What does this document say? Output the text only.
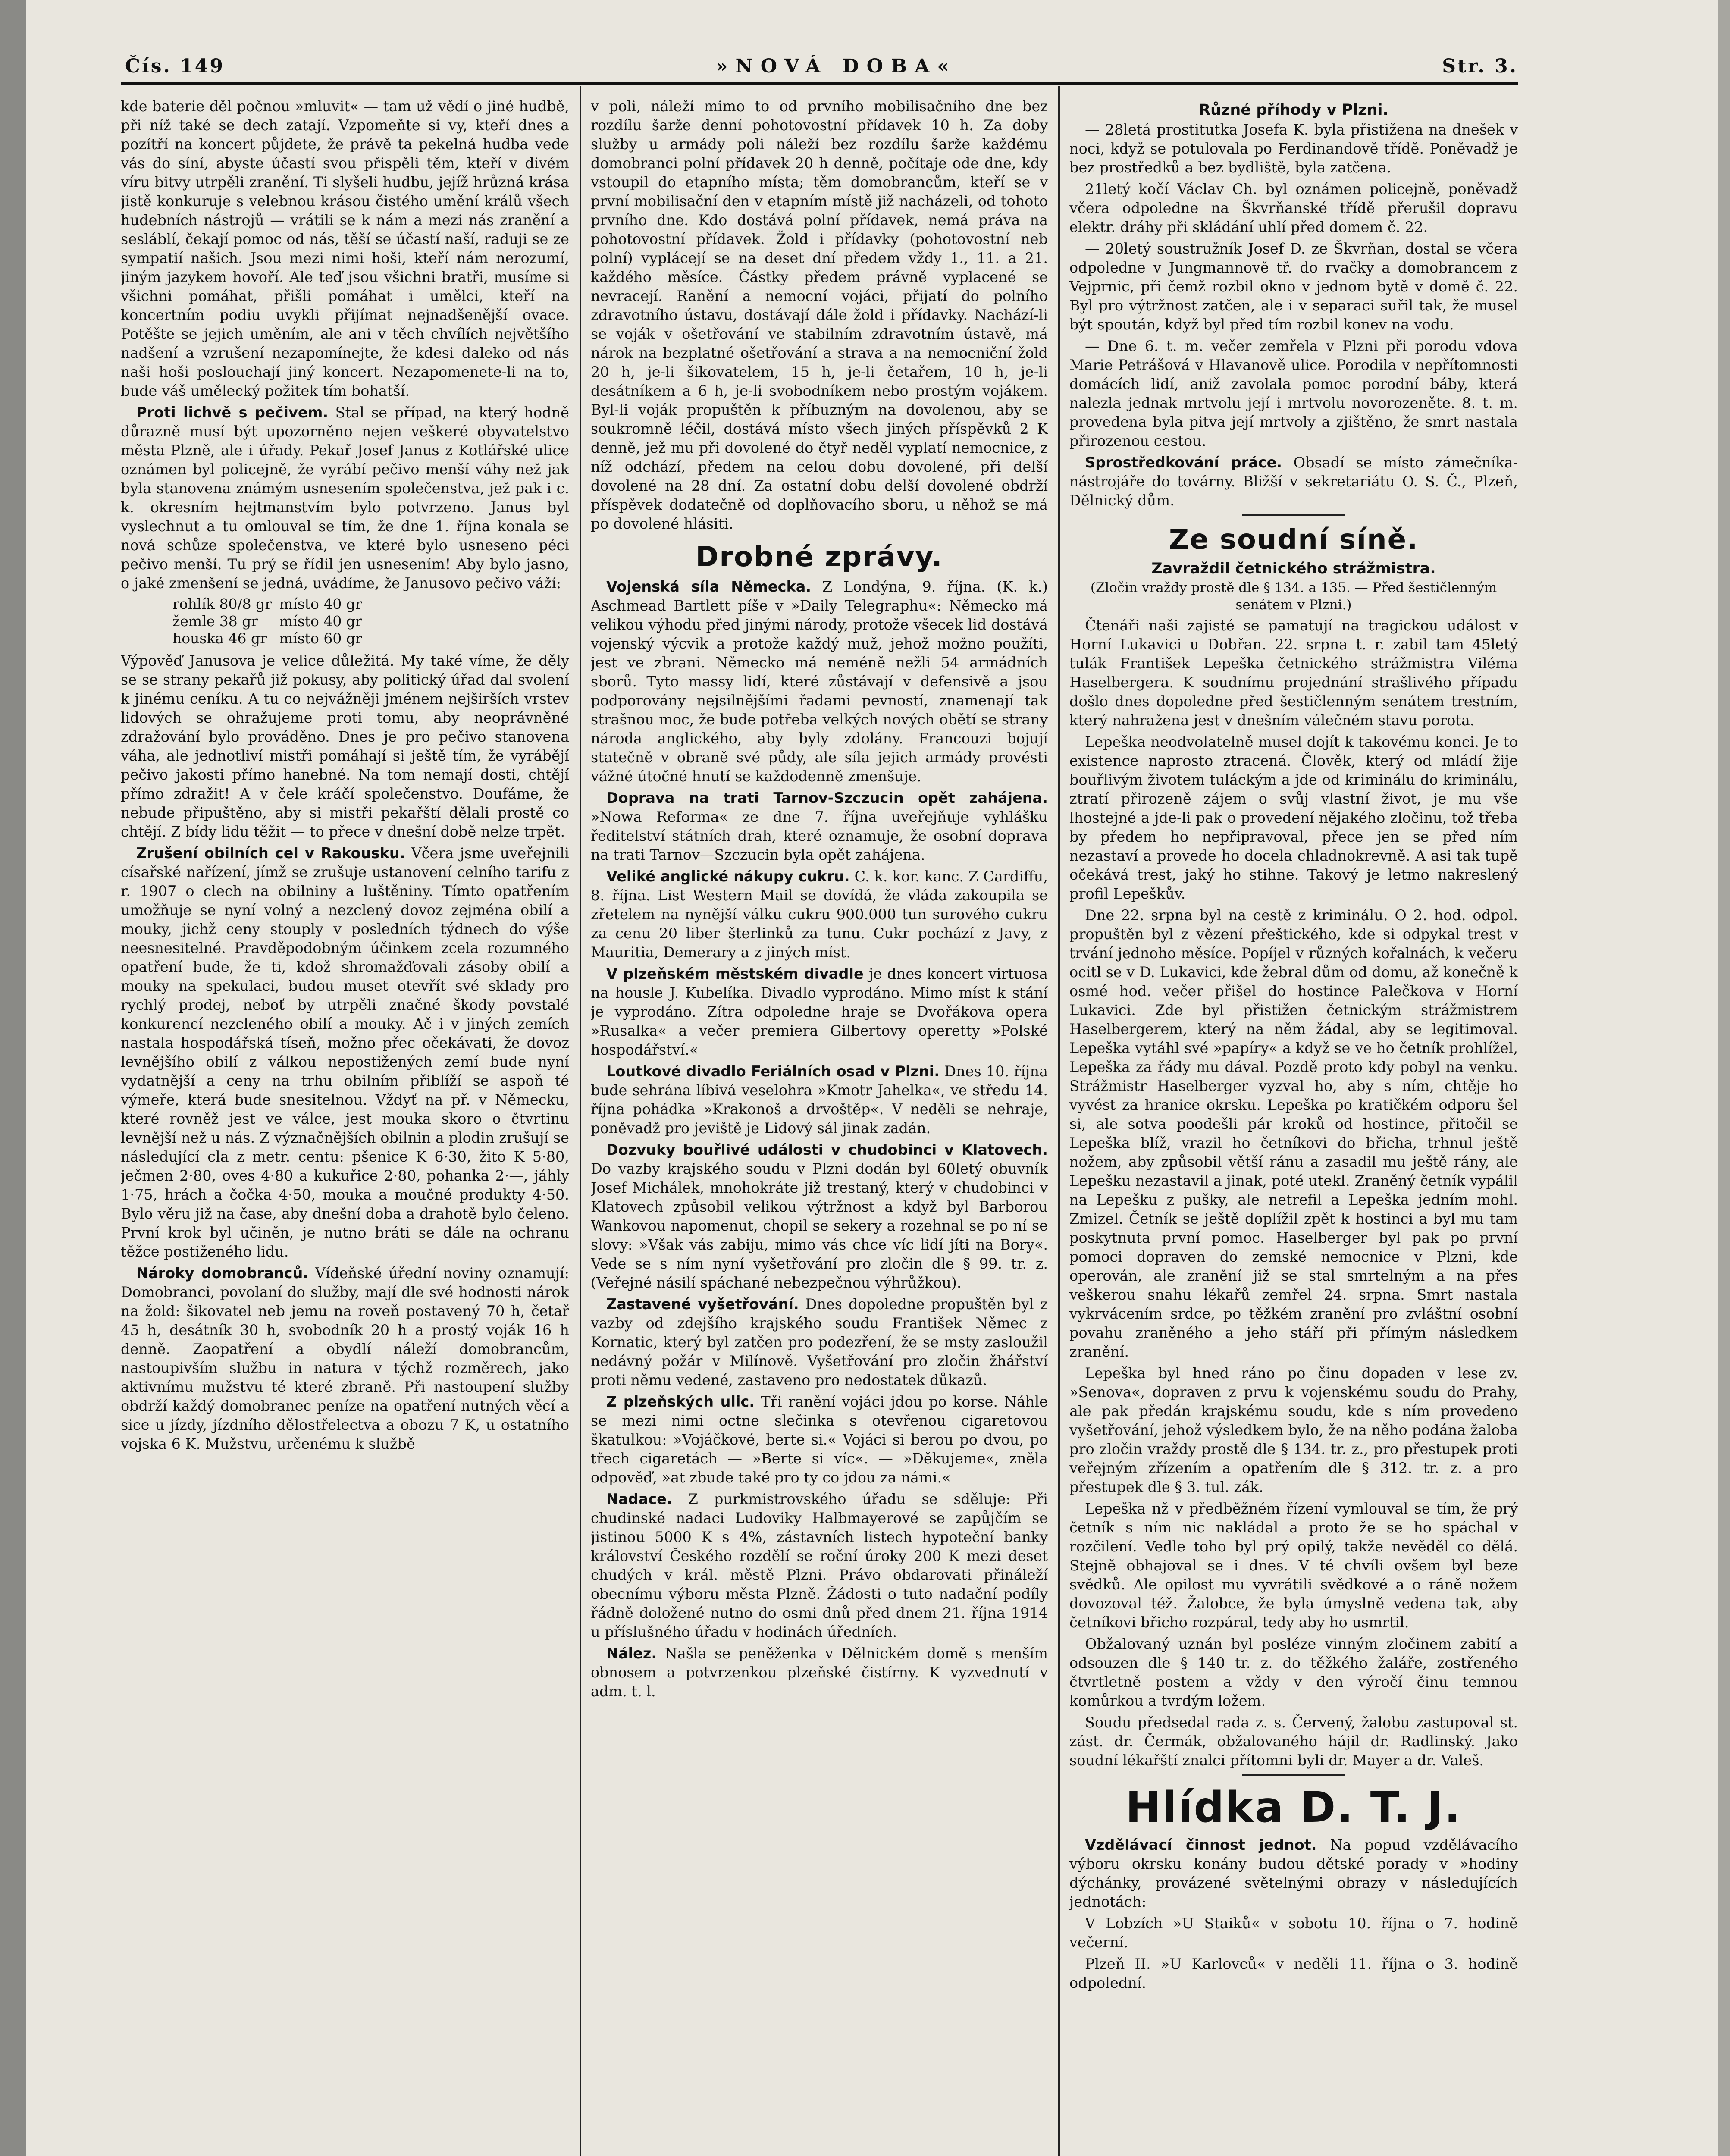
Čís. 149	»NOVÁ DOBA«	Str. 3.

kde baterie děl počnou »mluvit« — tam už vědí o jiné hudbě, při níž také se dech zatají. Vzpomeňte si vy, kteří dnes a pozítří na koncert půjdete, že právě ta pekelná hudba vede vás do síní, abyste účastí svou přispěli těm, kteří v divém víru bitvy utrpěli zranění. Ti slyšeli hudbu, jejíž hrůzná krása jistě konkuruje s velebnou krásou čistého umění králů všech hudebních nástrojů — vrátili se k nám a mezi nás zranění a sesláblí, čekají pomoc od nás, těší se účastí naší, raduji se ze sympatií našich. Jsou mezi nimi hoši, kteří nám nerozumí, jiným jazykem hovoří. Ale teď jsou všichni bratři, musíme si všichni pomáhat, přišli pomáhat i umělci, kteří na koncertním podiu uvykli přijímat nejnadšenější ovace. Potěšte se jejich uměním, ale ani v těch chvílích největšího nadšení a vzrušení nezapomínejte, že kdesi daleko od nás naši hoši poslouchají jiný koncert. Nezapomenete-li na to, bude váš umělecký požitek tím bohatší.

Proti lichvě s pečivem. Stal se případ, na který hodně důrazně musí být upozorněno nejen veškeré obyvatelstvo města Plzně, ale i úřady. Pekař Josef Janus z Kotlářské ulice oznámen byl policejně, že vyrábí pečivo menší váhy než jak byla stanovena známým usnesením společenstva, jež pak i c. k. okresním hejtmanstvím bylo potvrzeno. Janus byl vyslechnut a tu omlouval se tím, že dne 1. října konala se nová schůze společenstva, ve které bylo usneseno péci pečivo menší. Tu prý se řídil jen usnesením! Aby bylo jasno, o jaké zmenšení se jedná, uvádíme, že Janusovo pečivo váží:

rohlík 80/8 gr	místo 40 gr
žemle 38 gr	místo 40 gr
houska 46 gr	místo 60 gr

Výpověď Janusova je velice důležitá. My také víme, že děly se se strany pekařů již pokusy, aby politický úřad dal svolení k jinému ceníku. A tu co nejvážněji jménem nejširších vrstev lidových se ohražujeme proti tomu, aby neoprávněné zdražování bylo prováděno. Dnes je pro pečivo stanovena váha, ale jednotliví mistři pomáhají si ještě tím, že vyrábějí pečivo jakosti přímo hanebné. Na tom nemají dosti, chtějí přímo zdražit! A v čele kráčí společenstvo. Doufáme, že nebude připuštěno, aby si mistři pekařští dělali prostě co chtějí. Z bídy lidu těžit — to přece v dnešní době nelze trpět.

Zrušení obilních cel v Rakousku. Včera jsme uveřejnili císařské nařízení, jímž se zrušuje ustanovení celního tarifu z r. 1907 o clech na obilniny a luštěniny. Tímto opatřením umožňuje se nyní volný a nezclený dovoz zejména obilí a mouky, jichž ceny stouply v posledních týdnech do výše neesnesitelné. Pravděpodobným účinkem zcela rozumného opatření bude, že ti, kdož shromažďovali zásoby obilí a mouky na spekulaci, budou muset otevřít své sklady pro rychlý prodej, neboť by utrpěli značné škody povstalé konkurencí nezcleného obilí a mouky. Ač i v jiných zemích nastala hospodářská tíseň, možno přec očekávati, že dovoz levnějšího obilí z válkou nepostižených zemí bude nyní vydatnější a ceny na trhu obilním přiblíží se aspoň té výmeře, která bude snesitelnou. Vždyť na př. v Německu, které rovněž jest ve válce, jest mouka skoro o čtvrtinu levnější než u nás. Z význačnějších obilnin a plodin zrušují se následující cla z metr. centu: pšenice K 6·30, žito K 5·80, ječmen 2·80, oves 4·80 a kukuřice 2·80, pohanka 2·—, jáhly 1·75, hrách a čočka 4·50, mouka a moučné produkty 4·50. Bylo věru již na čase, aby dnešní doba a drahotě bylo čeleno. První krok byl učiněn, je nutno bráti se dále na ochranu těžce postiženého lidu.

Nároky domobranců. Vídeňské úřední noviny oznamují: Domobranci, povolaní do služby, mají dle své hodnosti nárok na žold: šikovatel neb jemu na roveň postavený 70 h, četař 45 h, desátník 30 h, svobodník 20 h a prostý voják 16 h denně. Zaopatření a obydlí náleží domobrancům, nastoupivším službu in natura v týchž rozměrech, jako aktivnímu mužstvu té které zbraně. Při nastoupení služby obdrží každý domobranec peníze na opatření nutných věcí a sice u jízdy, jízdního dělostřelectva a obozu 7 K, u ostatního vojska 6 K. Mužstvu, určenému k službě

v poli, náleží mimo to od prvního mobilisačního dne bez rozdílu šarže denní pohotovostní přídavek 10 h. Za doby služby u armády poli náleží bez rozdílu šarže každému domobranci polní přídavek 20 h denně, počítaje ode dne, kdy vstoupil do etapního místa; těm domobrancům, kteří se v první mobilisační den v etapním místě již nacházeli, od tohoto prvního dne. Kdo dostává polní přídavek, nemá práva na pohotovostní přídavek. Žold i přídavky (pohotovostní neb polní) vyplácejí se na deset dní předem vždy 1., 11. a 21. každého měsíce. Částky předem právně vyplacené se nevracejí. Ranění a nemocní vojáci, přijatí do polního zdravotního ústavu, dostávají dále žold i přídavky. Nachází-li se voják v ošetřování ve stabilním zdravotním ústavě, má nárok na bezplatné ošetřování a strava a na nemocniční žold 20 h, je-li šikovatelem, 15 h, je-li četařem, 10 h, je-li desátníkem a 6 h, je-li svobodníkem nebo prostým vojákem. Byl-li voják propuštěn k příbuzným na dovolenou, aby se soukromně léčil, dostává místo všech jiných příspěvků 2 K denně, jež mu při dovolené do čtyř neděl vyplatí nemocnice, z níž odchází, předem na celou dobu dovolené, při delší dovolené na 28 dní. Za ostatní dobu delší dovolené obdrží příspěvek dodatečně od doplňovacího sboru, u něhož se má po dovolené hlásiti.

Drobné zprávy.

Vojenská síla Německa. Z Londýna, 9. října. (K. k.) Aschmead Bartlett píše v »Daily Telegraphu«: Německo má velikou výhodu před jinými národy, protože všecek lid dostává vojenský výcvik a protože každý muž, jehož možno použíti, jest ve zbrani. Německo má neméně nežli 54 armádních sborů. Tyto massy lidí, které zůstávají v defensivě a jsou podporovány nejsilnějšími řadami pevností, znamenají tak strašnou moc, že bude potřeba velkých nových obětí se strany národa anglického, aby byly zdolány. Francouzi bojují statečně v obraně své půdy, ale síla jejich armády provésti vážné útočné hnutí se každodenně zmenšuje.

Doprava na trati Tarnov-Szczucin opět zahájena. »Nowa Reforma« ze dne 7. října uveřejňuje vyhlášku ředitelství státních drah, které oznamuje, že osobní doprava na trati Tarnov—Szczucin byla opět zahájena.

Veliké anglické nákupy cukru. C. k. kor. kanc. Z Cardiffu, 8. října. List Western Mail se dovídá, že vláda zakoupila se zřetelem na nynější válku cukru 900.000 tun surového cukru za cenu 20 liber šterlinků za tunu. Cukr pochází z Javy, z Mauritia, Demerary a z jiných míst.

V plzeňském městském divadle je dnes koncert virtuosa na housle J. Kubelíka. Divadlo vyprodáno. Mimo míst k stání je vyprodáno. Zítra odpoledne hraje se Dvořákova opera »Rusalka« a večer premiera Gilbertovy operetty »Polské hospodářství.«

Loutkové divadlo Feriálních osad v Plzni. Dnes 10. října bude sehrána líbivá veselohra »Kmotr Jahelka«, ve středu 14. října pohádka »Krakonoš a drvoštěp«. V neděli se nehraje, poněvadž pro jeviště je Lidový sál jinak zadán.

Dozvuky bouřlivé události v chudobinci v Klatovech. Do vazby krajského soudu v Plzni dodán byl 60letý obuvník Josef Michálek, mnohokráte již trestaný, který v chudobinci v Klatovech způsobil velikou výtržnost a když byl Barborou Wankovou napomenut, chopil se sekery a rozehnal se po ní se slovy: »Však vás zabiju, mimo vás chce víc lidí jíti na Bory«. Vede se s ním nyní vyšetřování pro zločin dle § 99. tr. z. (Veřejné násilí spáchané nebezpečnou výhrůžkou).

Zastavené vyšetřování. Dnes dopoledne propuštěn byl z vazby od zdejšího krajského soudu František Němec z Kornatic, který byl zatčen pro podezření, že se msty zasloužil nedávný požár v Milínově. Vyšetřování pro zločin žhářství proti němu vedené, zastaveno pro nedostatek důkazů.

Z plzeňských ulic. Tři ranění vojáci jdou po korse. Náhle se mezi nimi octne slečinka s otevřenou cigaretovou škatulkou: »Vojáčkové, berte si.« Vojáci si berou po dvou, po třech cigaretách — »Berte si víc«. — »Děkujeme«, zněla odpověď, »at zbude také pro ty co jdou za námi.«

Nadace. Z purkmistrovského úřadu se sděluje: Při chudinské nadaci Ludoviky Halbmayerové se zapůjčím se jistinou 5000 K s 4%, zástavních listech hypoteční banky království Českého rozdělí se roční úroky 200 K mezi deset chudých v král. městě Plzni. Právo obdarovati přináleží obecnímu výboru města Plzně. Žádosti o tuto nadační podíly řádně doložené nutno do osmi dnů před dnem 21. října 1914 u příslušného úřadu v hodinách úředních.

Nález. Našla se peněženka v Dělnickém domě s menším obnosem a potvrzenkou plzeňské čistírny. K vyzvednutí v adm. t. l.

Různé příhody v Plzni.

— 28letá prostitutka Josefa K. byla přistižena na dnešek v noci, když se potulovala po Ferdinandově třídě. Poněvadž je bez prostředků a bez bydliště, byla zatčena.

21letý kočí Václav Ch. byl oznámen policejně, poněvadž včera odpoledne na Škvrňanské třídě přerušil dopravu elektr. dráhy při skládání uhlí před domem č. 22.

— 20letý soustružník Josef D. ze Škvrňan, dostal se včera odpoledne v Jungmannově tř. do rvačky a domobrancem z Vejprnic, při čemž rozbil okno v jednom bytě v domě č. 22. Byl pro výtržnost zatčen, ale i v separaci suřil tak, že musel být spoután, když byl před tím rozbil konev na vodu.

— Dne 6. t. m. večer zemřela v Plzni při porodu vdova Marie Petrášová v Hlavanově ulice. Porodila v nepřítomnosti domácích lidí, aniž zavolala pomoc porodní báby, která nalezla jednak mrtvolu její i mrtvolu novorozeněte. 8. t. m. provedena byla pitva její mrtvoly a zjištěno, že smrt nastala přirozenou cestou.

Sprostředkování práce. Obsadí se místo zámečníka-nástrojáře do továrny. Bližší v sekretariátu O. S. Č., Plzeň, Dělnický dům.

Ze soudní síně.
Zavraždil četnického strážmistra.

(Zločin vraždy prostě dle § 134. a 135. — Před šestičlenným senátem v Plzni.)

Čtenáři naši zajisté se pamatují na tragickou událost v Horní Lukavici u Dobřan. 22. srpna t. r. zabil tam 45letý tulák František Lepeška četnického strážmistra Viléma Haselbergera. K soudnímu projednání strašlivého případu došlo dnes dopoledne před šestičlenným senátem trestním, který nahražena jest v dnešním válečném stavu porota.

Lepeška neodvolatelně musel dojít k takovému konci. Je to existence naprosto ztracená. Člověk, který od mládí žije bouřlivým životem tuláckým a jde od kriminálu do kriminálu, ztratí přirozeně zájem o svůj vlastní život, je mu vše lhostejné a jde-li pak o provedení nějakého zločinu, tož třeba by předem ho nepřipravoval, přece jen se před ním nezastaví a provede ho docela chladnokrevně. A asi tak tupě očekává trest, jaký ho stihne. Takový je letmo nakreslený profil Lepeškův.

Dne 22. srpna byl na cestě z kriminálu. O 2. hod. odpol. propuštěn byl z vězení přeštického, kde si odpykal trest v trvání jednoho měsíce. Popíjel v různých kořalnách, k večeru ocitl se v D. Lukavici, kde žebral dům od domu, až konečně k osmé hod. večer přišel do hostince Palečkova v Horní Lukavici. Zde byl přistižen četnickým strážmistrem Haselbergerem, který na něm žádal, aby se legitimoval. Lepeška vytáhl své »papíry« a když se ve ho četník prohlížel, Lepeška za řády mu dával. Pozdě proto kdy pobyl na venku. Strážmistr Haselberger vyzval ho, aby s ním, chtěje ho vyvést za hranice okrsku. Lepeška po kratičkém odporu šel si, ale sotva poodešli pár kroků od hostince, přitočil se Lepeška blíž, vrazil ho četníkovi do břicha, trhnul ještě nožem, aby způsobil větší ránu a zasadil mu ještě rány, ale Lepešku nezastavil a jinak, poté utekl. Zraněný četník vypálil na Lepešku z pušky, ale netrefil a Lepeška jedním mohl. Zmizel. Četník se ještě doplížil zpět k hostinci a byl mu tam poskytnuta první pomoc. Haselberger byl pak po první pomoci dopraven do zemské nemocnice v Plzni, kde operován, ale zranění již se stal smrtelným a na přes veškerou snahu lékařů zemřel 24. srpna. Smrt nastala vykrvácením srdce, po těžkém zranění pro zvláštní osobní povahu zraněného a jeho stáří při přímým následkem zranění.

Lepeška byl hned ráno po činu dopaden v lese zv. »Senova«, dopraven z prvu k vojenskému soudu do Prahy, ale pak předán krajskému soudu, kde s ním provedeno vyšetřování, jehož výsledkem bylo, že na něho podána žaloba pro zločin vraždy prostě dle § 134. tr. z., pro přestupek proti veřejným zřízením a opatřením dle § 312. tr. z. a pro přestupek dle § 3. tul. zák.

Lepeška nž v předběžném řízení vymlouval se tím, že prý četník s ním nic nakládal a proto že se ho spáchal v rozčilení. Vedle toho byl prý opilý, takže nevěděl co dělá. Stejně obhajoval se i dnes. V té chvíli ovšem byl beze svědků. Ale opilost mu vyvrátili svědkové a o ráně nožem dovozoval též. Žalobce, že byla úmyslně vedena tak, aby četníkovi břicho rozpáral, tedy aby ho usmrtil.

Obžalovaný uznán byl posléze vinným zločinem zabití a odsouzen dle § 140 tr. z. do těžkého žaláře, zostřeného čtvrtletně postem a vždy v den výročí činu temnou komůrkou a tvrdým ložem.

Soudu předsedal rada z. s. Červený, žalobu zastupoval st. zást. dr. Čermák, obžalovaného hájil dr. Radlinský. Jako soudní lékařští znalci přítomni byli dr. Mayer a dr. Valeš.

Hlídka D. T. J.

Vzdělávací činnost jednot. Na popud vzdělávacího výboru okrsku konány budou dětské porady v »hodiny dýchánky, provázené světelnými obrazy v následujících jednotách:

V Lobzích »U Staiků« v sobotu 10. října o 7. hodině večerní.

Plzeň II. »U Karlovců« v neděli 11. října o 3. hodině odpolední.
